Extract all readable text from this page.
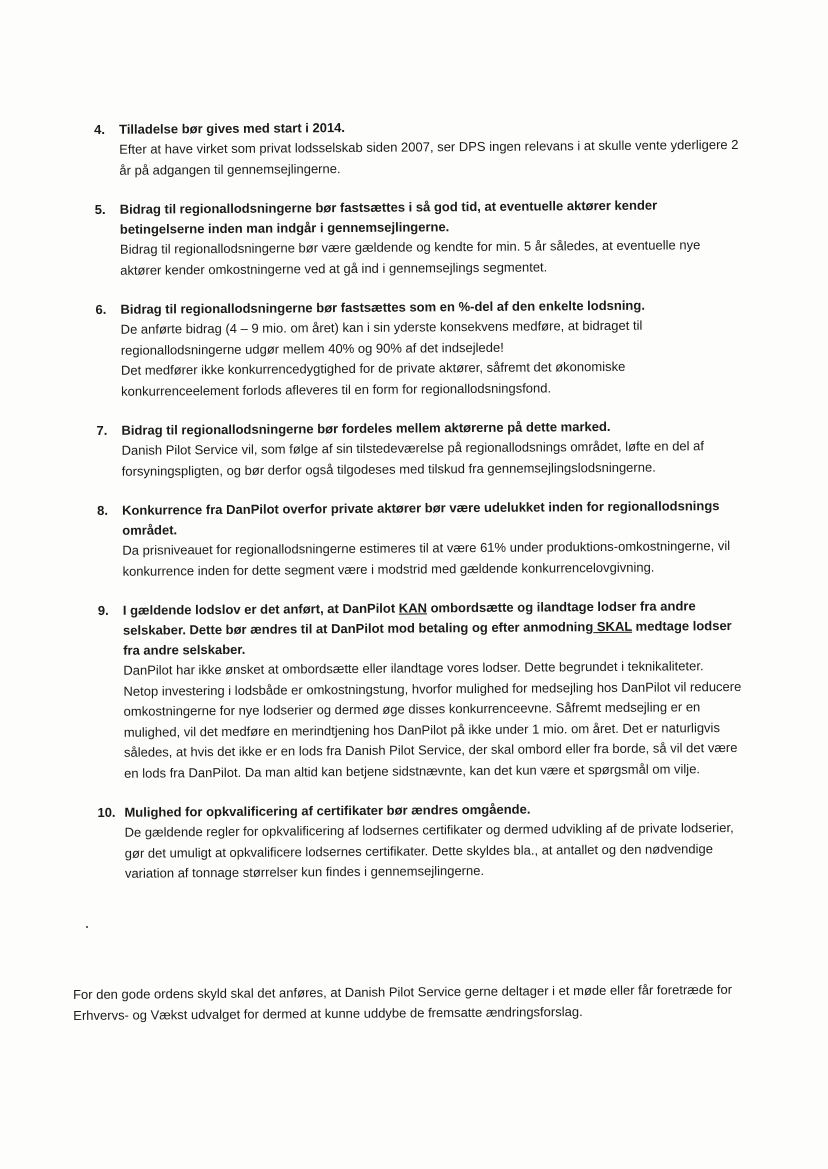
4. Tilladelse bør gives med start i 2014.

Efter at have virket som privat lodsselskab siden 2007, ser DPS ingen relevans i at skulle vente yderligere 2 år på adgangen til gennemsejlingerne.

5. Bidrag til regionallodsningerne bør fastsættes i så god tid, at eventuelle aktører kender betingelserne inden man indgår i gennemsejlingerne.

Bidrag til regionallodsningerne bør være gældende og kendte for min. 5 år således, at eventuelle nye aktører kender omkostningerne ved at gå ind i gennemsejlings segmentet.

6. Bidrag til regionallodsningerne bør fastsættes som en %-del af den enkelte lodsning.

De anførte bidrag (4 – 9 mio. om året) kan i sin yderste konsekvens medføre, at bidraget til regionallodsningerne udgør mellem 40% og 90% af det indsejlede!

Det medfører ikke konkurrencedygtighed for de private aktører, såfremt det økonomiske konkurrenceelement forlods afleveres til en form for regionallodsningsfond.

7. Bidrag til regionallodsningerne bør fordeles mellem aktørerne på dette marked.

Danish Pilot Service vil, som følge af sin tilstedeværelse på regionallodsnings området, løfte en del af forsyningspligten, og bør derfor også tilgodeses med tilskud fra gennemsejlingslodsningerne.

8. Konkurrence fra DanPilot overfor private aktører bør være udelukket inden for regionallodsnings området.

Da prisniveauet for regionallodsningerne estimeres til at være 61% under produktions-omkostningerne, vil konkurrence inden for dette segment være i modstrid med gældende konkurrencelovgivning.

9. I gældende lodslov er det anført, at DanPilot KAN ombordsætte og ilandtage lodser fra andre selskaber. Dette bør ændres til at DanPilot mod betaling og efter anmodning SKAL medtage lodser fra andre selskaber.

DanPilot har ikke ønsket at ombordsætte eller ilandtage vores lodser. Dette begrundet i teknikaliteter.

Netop investering i lodsbåde er omkostningstung, hvorfor mulighed for medsejling hos DanPilot vil reducere omkostningerne for nye lodserier og dermed øge disses konkurrenceevne. Såfremt medsejling er en mulighed, vil det medføre en merindtjening hos DanPilot på ikke under 1 mio. om året. Det er naturligvis således, at hvis det ikke er en lods fra Danish Pilot Service, der skal ombord eller fra borde, så vil det være en lods fra DanPilot. Da man altid kan betjene sidstnævnte, kan det kun være et spørgsmål om vilje.

10. Mulighed for opkvalificering af certifikater bør ændres omgående.

De gældende regler for opkvalificering af lodsernes certifikater og dermed udvikling af de private lodserier, gør det umuligt at opkvalificere lodsernes certifikater. Dette skyldes bla., at antallet og den nødvendige variation af tonnage størrelser kun findes i gennemsejlingerne.

For den gode ordens skyld skal det anføres, at Danish Pilot Service gerne deltager i et møde eller får foretræde for Erhvervs- og Vækst udvalget for dermed at kunne uddybe de fremsatte ændringsforslag.
